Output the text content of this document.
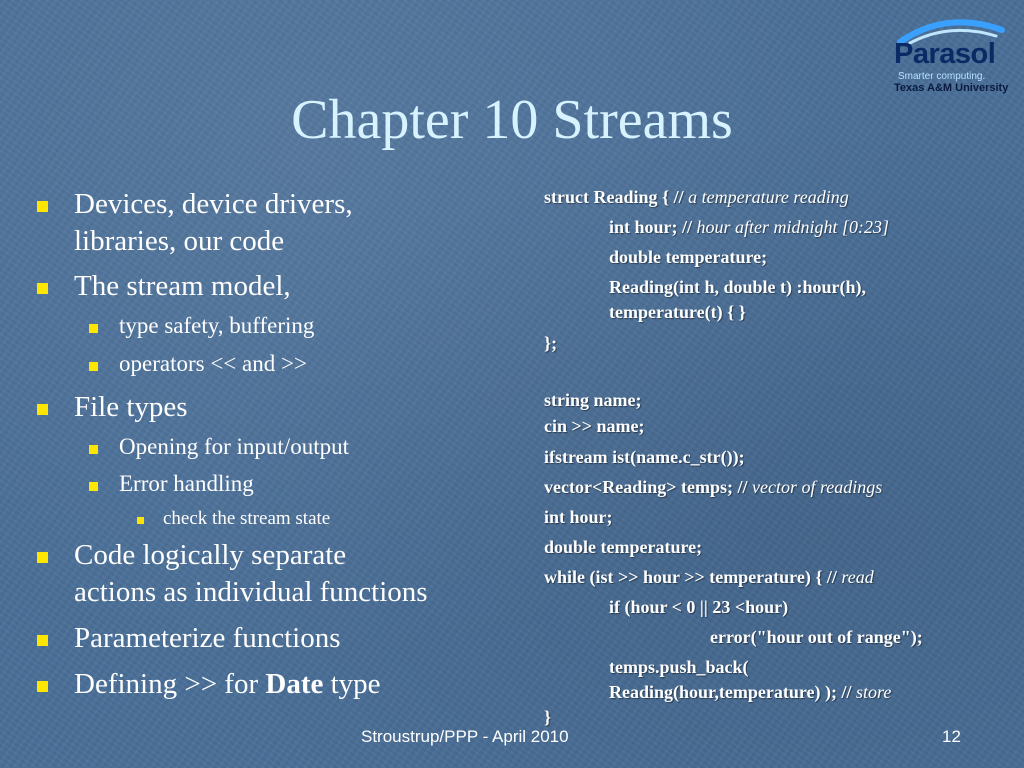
Chapter 10 Streams
Parasol
Smarter computing.
Texas A&M University
Devices, device drivers,
libraries, our code
The stream model,
type safety, buffering
operators << and >>
File types
Opening for input/output
Error handling
check the stream state
Code logically separate
actions as individual functions
Parameterize functions
Defining >> for Date type
struct Reading { // a temperature reading
int hour; // hour after midnight [0:23]
double temperature;
Reading(int h, double t) :hour(h),
temperature(t) { }
};
string name;
cin >> name;
ifstream ist(name.c_str());
vector<Reading> temps; // vector of readings
int hour;
double temperature;
while (ist >> hour >> temperature) { // read
if (hour < 0 || 23 <hour)
error("hour out of range");
temps.push_back(
Reading(hour,temperature) ); // store
}
Stroustrup/PPP - April 2010	12
